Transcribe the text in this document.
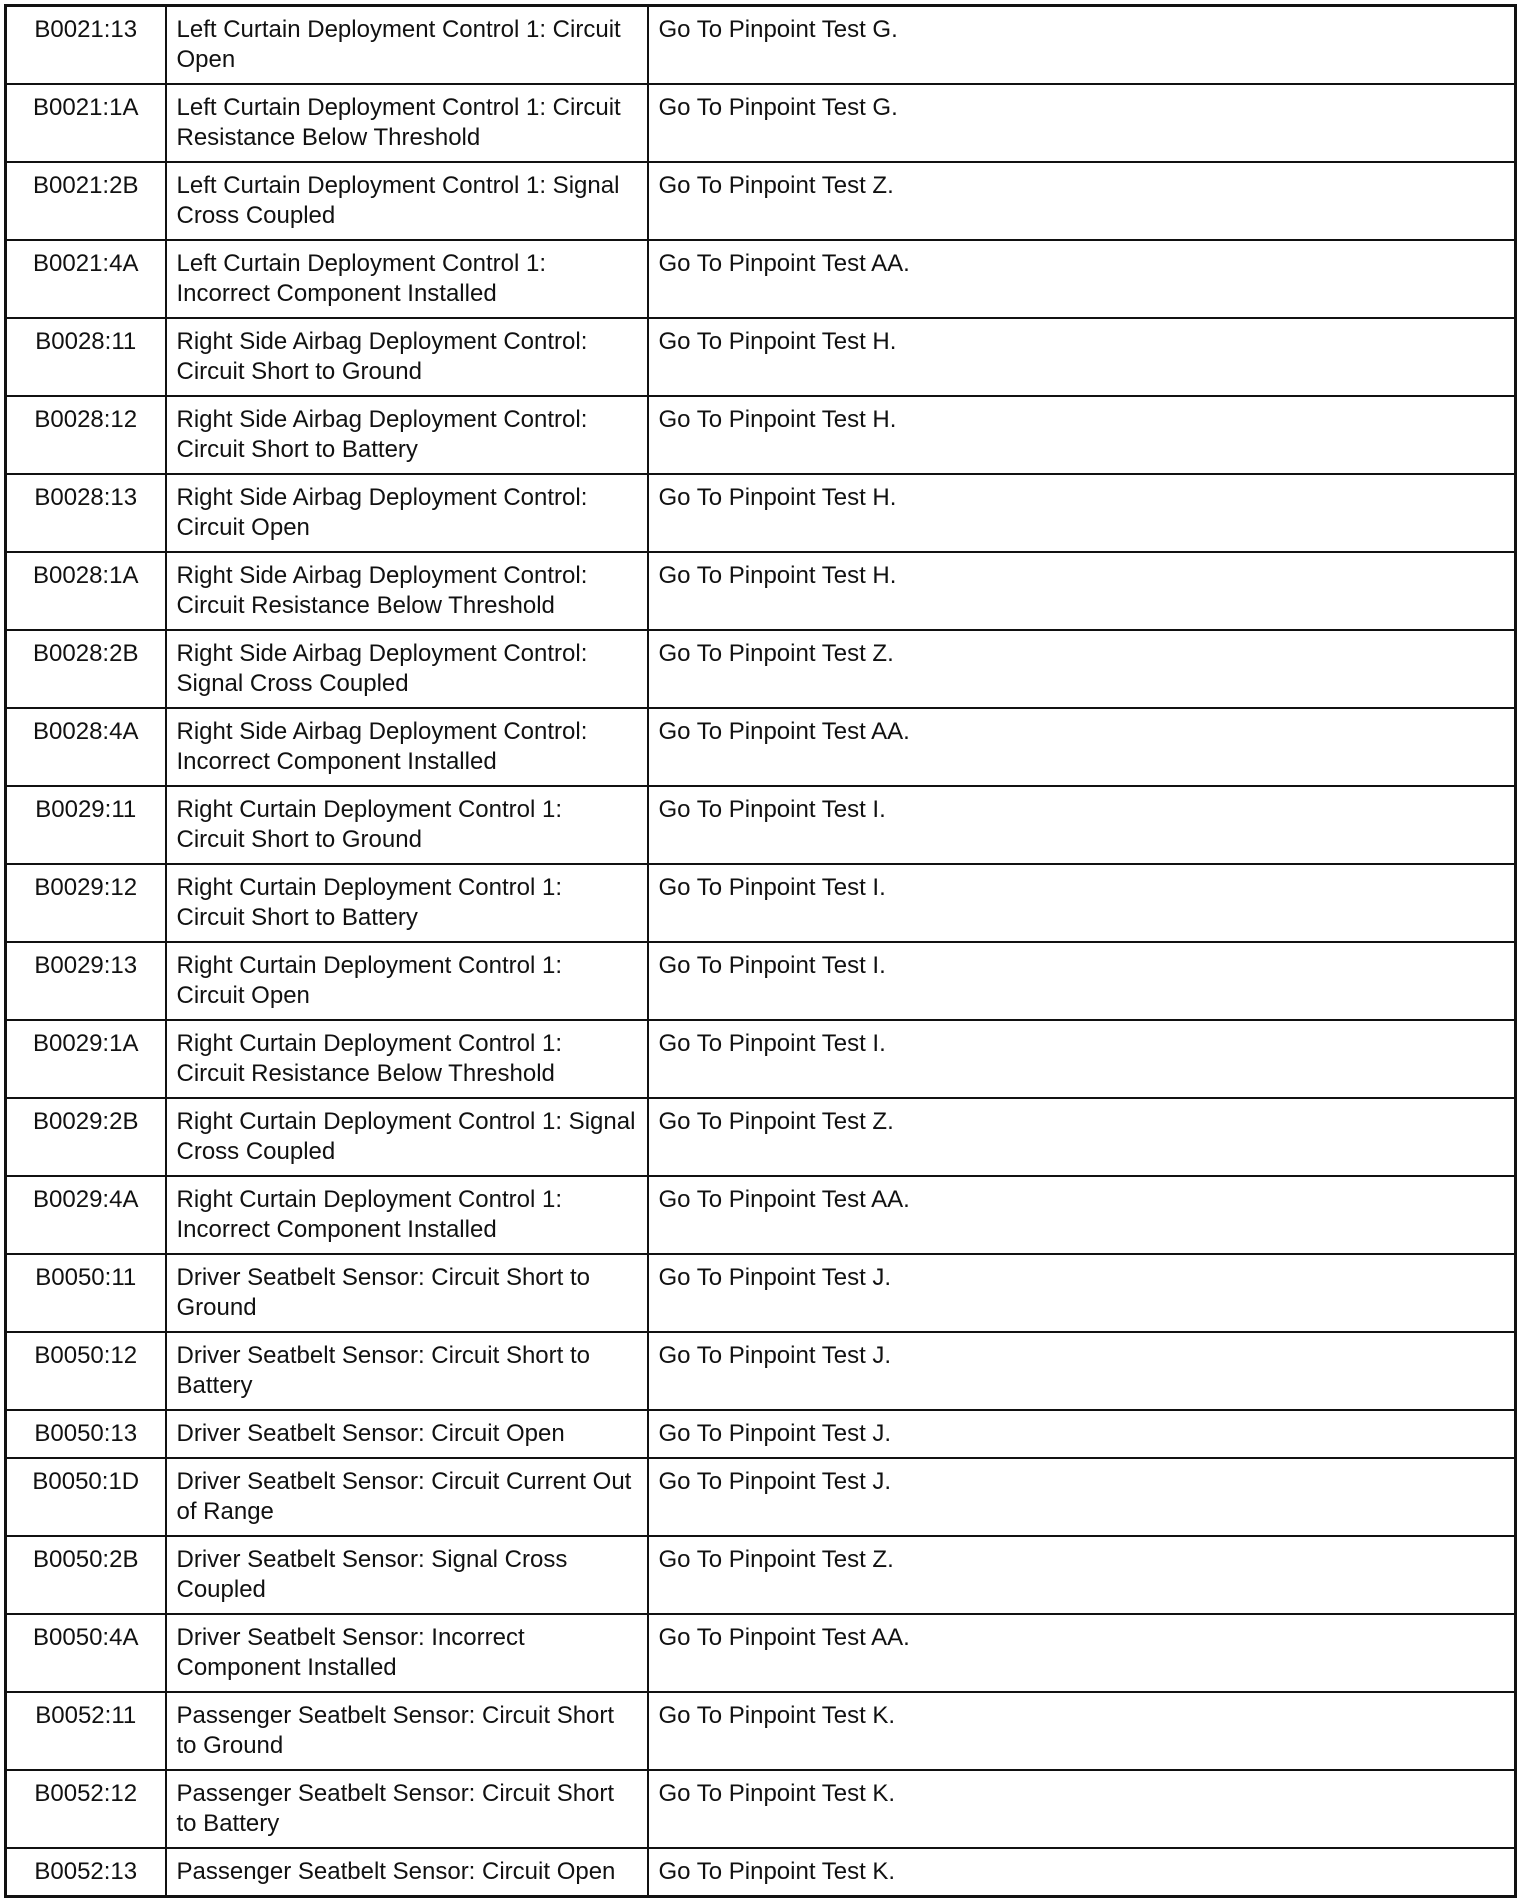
B0021:13	Left Curtain Deployment Control 1: Circuit Open	Go To Pinpoint Test G.
B0021:1A	Left Curtain Deployment Control 1: Circuit Resistance Below Threshold	Go To Pinpoint Test G.
B0021:2B	Left Curtain Deployment Control 1: Signal Cross Coupled	Go To Pinpoint Test Z.
B0021:4A	Left Curtain Deployment Control 1: Incorrect Component Installed	Go To Pinpoint Test AA.
B0028:11	Right Side Airbag Deployment Control: Circuit Short to Ground	Go To Pinpoint Test H.
B0028:12	Right Side Airbag Deployment Control: Circuit Short to Battery	Go To Pinpoint Test H.
B0028:13	Right Side Airbag Deployment Control: Circuit Open	Go To Pinpoint Test H.
B0028:1A	Right Side Airbag Deployment Control: Circuit Resistance Below Threshold	Go To Pinpoint Test H.
B0028:2B	Right Side Airbag Deployment Control: Signal Cross Coupled	Go To Pinpoint Test Z.
B0028:4A	Right Side Airbag Deployment Control: Incorrect Component Installed	Go To Pinpoint Test AA.
B0029:11	Right Curtain Deployment Control 1: Circuit Short to Ground	Go To Pinpoint Test I.
B0029:12	Right Curtain Deployment Control 1: Circuit Short to Battery	Go To Pinpoint Test I.
B0029:13	Right Curtain Deployment Control 1: Circuit Open	Go To Pinpoint Test I.
B0029:1A	Right Curtain Deployment Control 1: Circuit Resistance Below Threshold	Go To Pinpoint Test I.
B0029:2B	Right Curtain Deployment Control 1: Signal Cross Coupled	Go To Pinpoint Test Z.
B0029:4A	Right Curtain Deployment Control 1: Incorrect Component Installed	Go To Pinpoint Test AA.
B0050:11	Driver Seatbelt Sensor: Circuit Short to Ground	Go To Pinpoint Test J.
B0050:12	Driver Seatbelt Sensor: Circuit Short to Battery	Go To Pinpoint Test J.
B0050:13	Driver Seatbelt Sensor: Circuit Open	Go To Pinpoint Test J.
B0050:1D	Driver Seatbelt Sensor: Circuit Current Out of Range	Go To Pinpoint Test J.
B0050:2B	Driver Seatbelt Sensor: Signal Cross Coupled	Go To Pinpoint Test Z.
B0050:4A	Driver Seatbelt Sensor: Incorrect Component Installed	Go To Pinpoint Test AA.
B0052:11	Passenger Seatbelt Sensor: Circuit Short to Ground	Go To Pinpoint Test K.
B0052:12	Passenger Seatbelt Sensor: Circuit Short to Battery	Go To Pinpoint Test K.
B0052:13	Passenger Seatbelt Sensor: Circuit Open	Go To Pinpoint Test K.
